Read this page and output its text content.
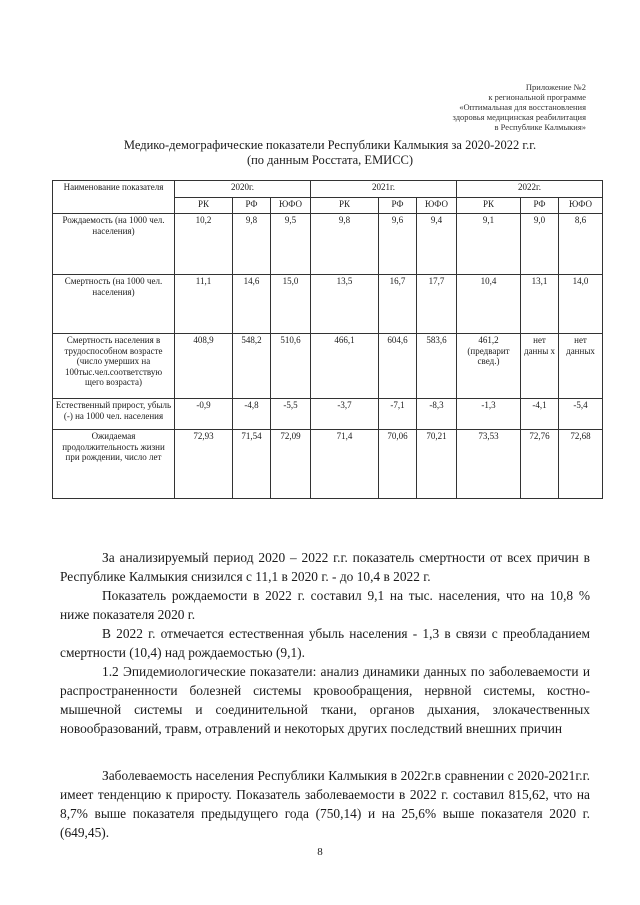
Приложение №2
к региональной программе
«Оптимальная для восстановления
здоровья медицинская реабилитация
в Республике Калмыкия»
Медико-демографические показатели Республики Калмыкия за 2020-2022 г.г.
(по данным Росстата, ЕМИСС)
Наименование показателя	2020г.			2021г.			2022г.		
	РК	РФ	ЮФО	РК	РФ	ЮФО	РК	РФ	ЮФО
Рождаемость (на 1000 чел. населения)	10,2	9,8	9,5	9,8	9,6	9,4	9,1	9,0	8,6
Смертность (на 1000 чел. населения)	11,1	14,6	15,0	13,5	16,7	17,7	10,4	13,1	14,0
Смертность населения в трудоспособном возрасте (число умерших на 100тыс.чел.соответствую щего возраста)	408,9	548,2	510,6	466,1	604,6	583,6	461,2 (предварит свед.)	нет данны х	нет данных
Естественный прирост, убыль (-) на 1000 чел. населения	-0,9	-4,8	-5,5	-3,7	-7,1	-8,3	-1,3	-4,1	-5,4
Ожидаемая продолжительность жизни при рождении, число лет	72,93	71,54	72,09	71,4	70,06	70,21	73,53	72,76	72,68

За анализируемый период 2020 – 2022 г.г. показатель смертности от всех причин в Республике Калмыкия снизился с 11,1 в 2020 г. - до 10,4 в 2022 г.

Показатель рождаемости в 2022 г. составил 9,1 на тыс. населения, что на 10,8 % ниже показателя 2020 г.

В 2022 г. отмечается естественная убыль населения - 1,3 в связи с преобладанием смертности (10,4) над рождаемостью (9,1).

1.2 Эпидемиологические показатели: анализ динамики данных по заболеваемости и распространенности болезней системы кровообращения, нервной системы, костно-мышечной системы и соединительной ткани, органов дыхания, злокачественных новообразований, травм, отравлений и некоторых других последствий внешних причин

Заболеваемость населения Республики Калмыкия в 2022г.в сравнении с 2020-2021г.г. имеет тенденцию к приросту. Показатель заболеваемости в 2022 г. составил 815,62, что на 8,7% выше показателя предыдущего года (750,14) и на 25,6% выше показателя 2020 г. (649,45).

8
